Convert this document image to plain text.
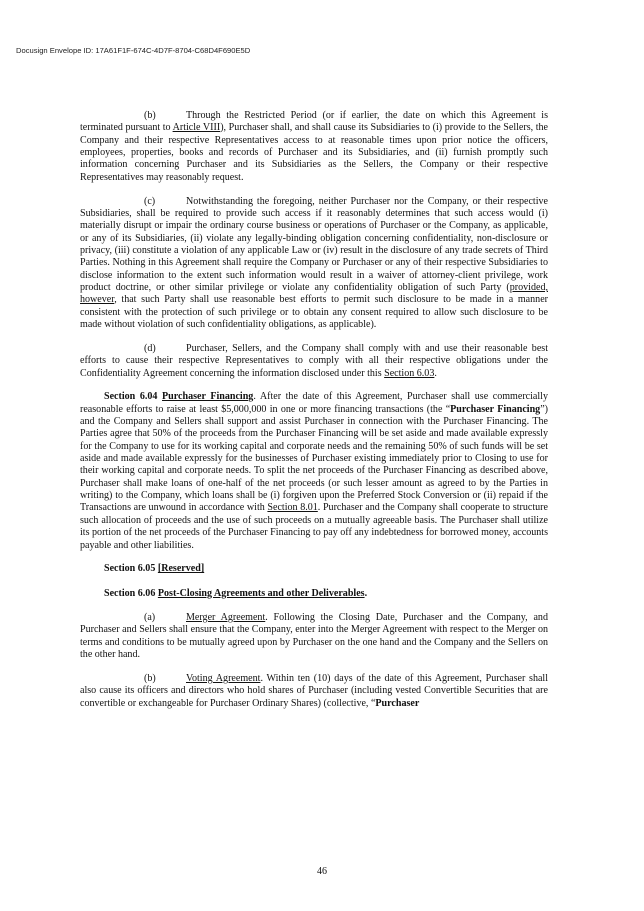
Docusign Envelope ID: 17A61F1F-674C-4D7F-8704-C68D4F690E5D

(b)	Through the Restricted Period (or if earlier, the date on which this Agreement is terminated pursuant to Article VIII), Purchaser shall, and shall cause its Subsidiaries to (i) provide to the Sellers, the Company and their respective Representatives access to at reasonable times upon prior notice the officers, employees, properties, books and records of Purchaser and its Subsidiaries, and (ii) furnish promptly such information concerning Purchaser and its Subsidiaries as the Sellers, the Company or their respective Representatives may reasonably request.

(c)	Notwithstanding the foregoing, neither Purchaser nor the Company, or their respective Subsidiaries, shall be required to provide such access if it reasonably determines that such access would (i) materially disrupt or impair the ordinary course business or operations of Purchaser or the Company, as applicable, or any of its Subsidiaries, (ii) violate any legally-binding obligation concerning confidentiality, non-disclosure or privacy, (iii) constitute a violation of any applicable Law or (iv) result in the disclosure of any trade secrets of Third Parties. Nothing in this Agreement shall require the Company or Purchaser or any of their respective Subsidiaries to disclose information to the extent such information would result in a waiver of attorney-client privilege, work product doctrine, or other similar privilege or violate any confidentiality obligation of such Party (provided, however, that such Party shall use reasonable best efforts to permit such disclosure to be made in a manner consistent with the protection of such privilege or to obtain any consent required to allow such disclosure to be made without violation of such confidentiality obligations, as applicable).

(d)	Purchaser, Sellers, and the Company shall comply with and use their reasonable best efforts to cause their respective Representatives to comply with all their respective obligations under the Confidentiality Agreement concerning the information disclosed under this Section 6.03.

Section 6.04 Purchaser Financing. After the date of this Agreement, Purchaser shall use commercially reasonable efforts to raise at least $5,000,000 in one or more financing transactions (the “Purchaser Financing”) and the Company and Sellers shall support and assist Purchaser in connection with the Purchaser Financing. The Parties agree that 50% of the proceeds from the Purchaser Financing will be set aside and made available expressly for the Company to use for its working capital and corporate needs and the remaining 50% of such funds will be set aside and made available expressly for the businesses of Purchaser existing immediately prior to Closing to use for their working capital and corporate needs. To split the net proceeds of the Purchaser Financing as described above, Purchaser shall make loans of one-half of the net proceeds (or such lesser amount as agreed to by the Parties in writing) to the Company, which loans shall be (i) forgiven upon the Preferred Stock Conversion or (ii) repaid if the Transactions are unwound in accordance with Section 8.01. Purchaser and the Company shall cooperate to structure such allocation of proceeds and the use of such proceeds on a mutually agreeable basis. The Purchaser shall utilize its portion of the net proceeds of the Purchaser Financing to pay off any indebtedness for borrowed money, accounts payable and other liabilities.

Section 6.05 [Reserved]

Section 6.06 Post-Closing Agreements and other Deliverables.

(a)	Merger Agreement. Following the Closing Date, Purchaser and the Company, and Purchaser and Sellers shall ensure that the Company, enter into the Merger Agreement with respect to the Merger on terms and conditions to be mutually agreed upon by Purchaser on the one hand and the Company and the Sellers on the other hand.

(b)	Voting Agreement. Within ten (10) days of the date of this Agreement, Purchaser shall also cause its officers and directors who hold shares of Purchaser (including vested Convertible Securities that are convertible or exchangeable for Purchaser Ordinary Shares) (collective, “Purchaser

46
